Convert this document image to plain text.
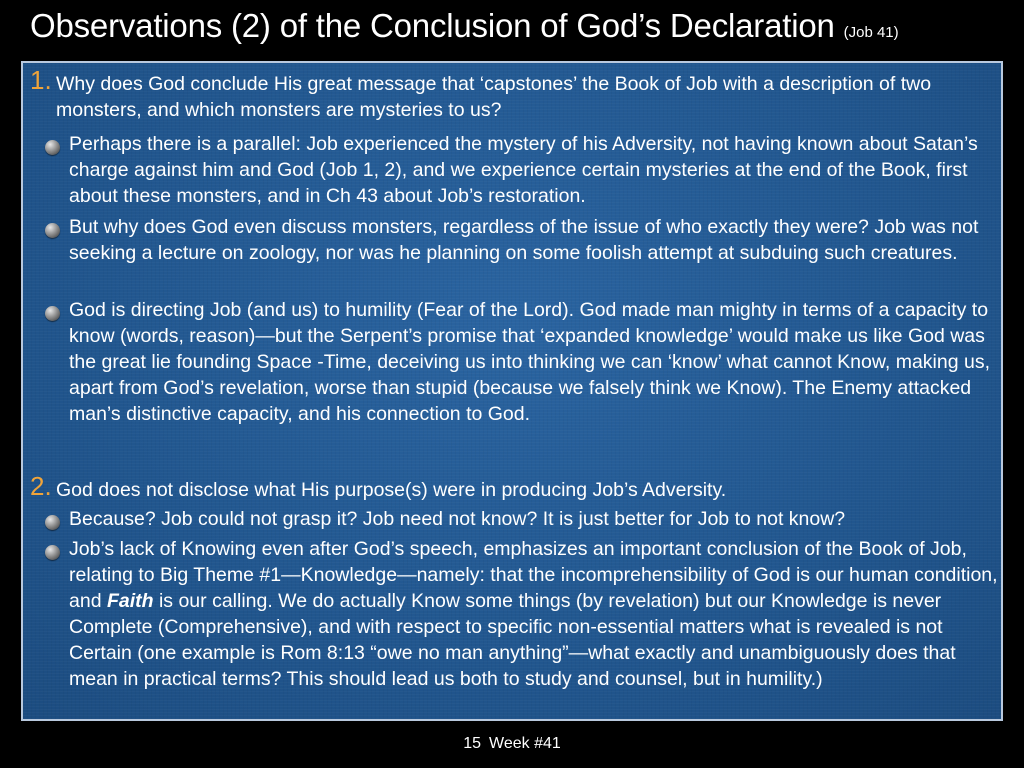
Observations (2) of the Conclusion of God’s Declaration (Job 41)
1. Why does God conclude His great message that ‘capstones’ the Book of Job with a description of two monsters, and which monsters are mysteries to us?
Perhaps there is a parallel: Job experienced the mystery of his Adversity, not having known about Satan’s charge against him and God (Job 1, 2), and we experience certain mysteries at the end of the Book, first about these monsters, and in Ch 43 about Job’s restoration.
But why does God even discuss monsters, regardless of the issue of who exactly they were? Job was not seeking a lecture on zoology, nor was he planning on some foolish attempt at subduing such creatures.
God is directing Job (and us) to humility (Fear of the Lord). God made man mighty in terms of a capacity to know (words, reason)—but the Serpent’s promise that ‘expanded knowledge’ would make us like God was the great lie founding Space -Time, deceiving us into thinking we can ‘know’ what cannot Know, making us, apart from God’s revelation, worse than stupid (because we falsely think we Know). The Enemy attacked man’s distinctive capacity, and his connection to God.
2. God does not disclose what His purpose(s) were in producing Job’s Adversity.
Because? Job could not grasp it? Job need not know? It is just better for Job to not know?
Job’s lack of Knowing even after God’s speech, emphasizes an important conclusion of the Book of Job, relating to Big Theme #1—Knowledge—namely: that the incomprehensibility of God is our human condition, and Faith is our calling. We do actually Know some things (by revelation) but our Knowledge is never Complete (Comprehensive), and with respect to specific non-essential matters what is revealed is not Certain (one example is Rom 8:13 “owe no man anything”—what exactly and unambiguously does that mean in practical terms? This should lead us both to study and counsel, but in humility.)
15 Week #41
